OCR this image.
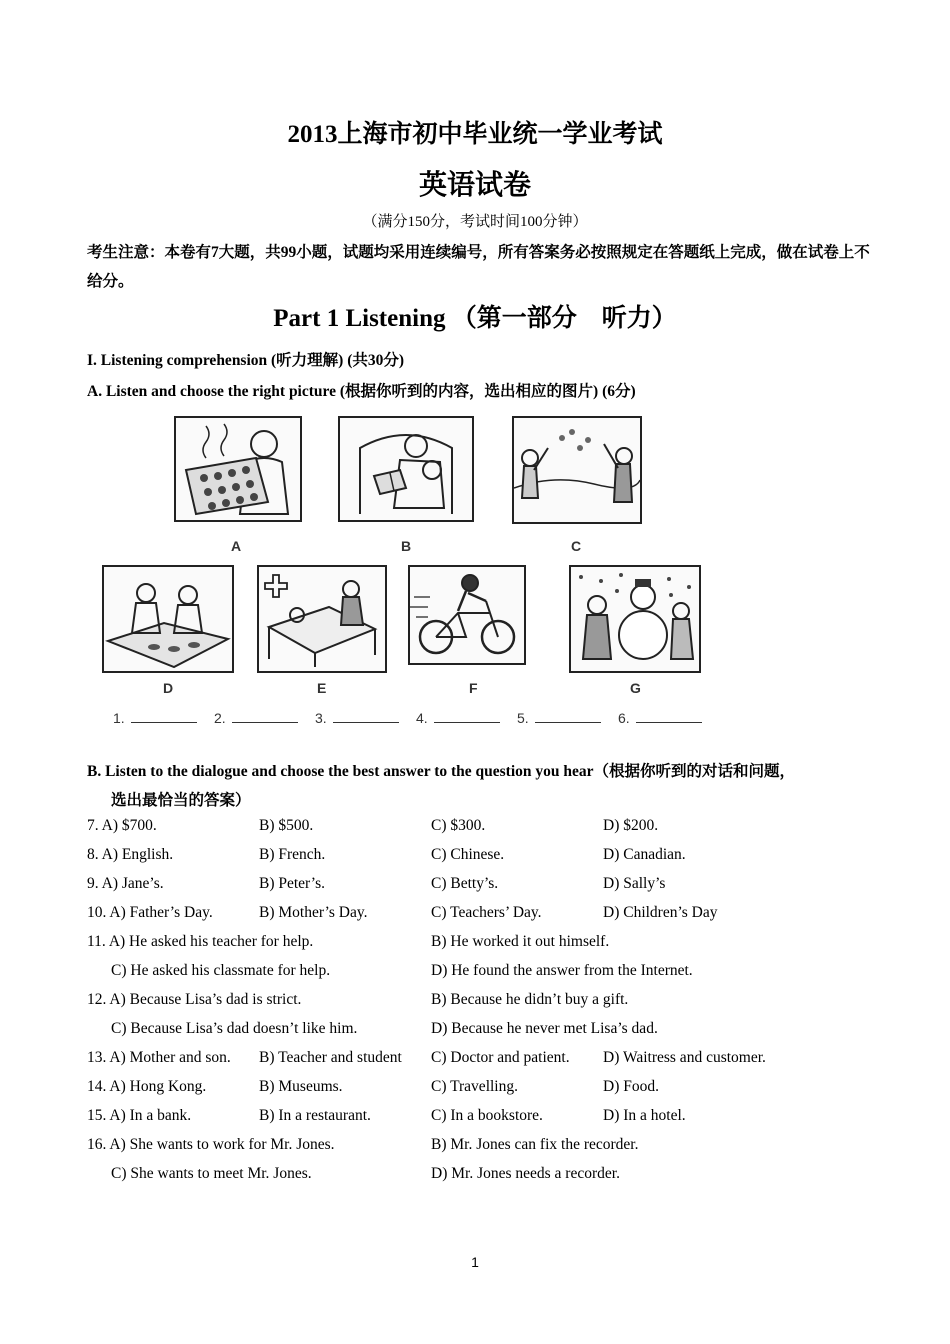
2013上海市初中毕业统一学业考试
英语试卷
（满分150分，考试时间100分钟）
考生注意：本卷有7大题，共99小题，试题均采用连续编号，所有答案务必按照规定在答题纸上完成，做在试卷上不给分。
Part 1 Listening （第一部分　听力）
I. Listening comprehension (听力理解) (共30分)
A. Listen and choose the right picture (根据你听到的内容，选出相应的图片) (6分)
A	B	C
D	E	F	G
1.	2.	3.	4.	5.	6.
B. Listen to the dialogue and choose the best answer to the question you hear（根据你听到的对话和问题，
选出最恰当的答案）
7. A) $700.	B) $500.	C) $300.	D) $200.
8. A) English.	B) French.	C) Chinese.	D) Canadian.
9. A) Jane’s.	B) Peter’s.	C) Betty’s.	D) Sally’s
10. A) Father’s Day.	B) Mother’s Day.	C) Teachers’ Day.	D) Children’s Day
11. A) He asked his teacher for help.	B) He worked it out himself.
C) He asked his classmate for help.	D) He found the answer from the Internet.
12. A) Because Lisa’s dad is strict.	B) Because he didn’t buy a gift.
C) Because Lisa’s dad doesn’t like him.	D) Because he never met Lisa’s dad.
13. A) Mother and son. B) Teacher and student C) Doctor and patient. D) Waitress and customer.
14. A) Hong Kong.	B) Museums.	C) Travelling.	D) Food.
15. A) In a bank.	B) In a restaurant.	C) In a bookstore.	D) In a hotel.
16. A) She wants to work for Mr. Jones.	B) Mr. Jones can fix the recorder.
C) She wants to meet Mr. Jones.	D) Mr. Jones needs a recorder.
1
